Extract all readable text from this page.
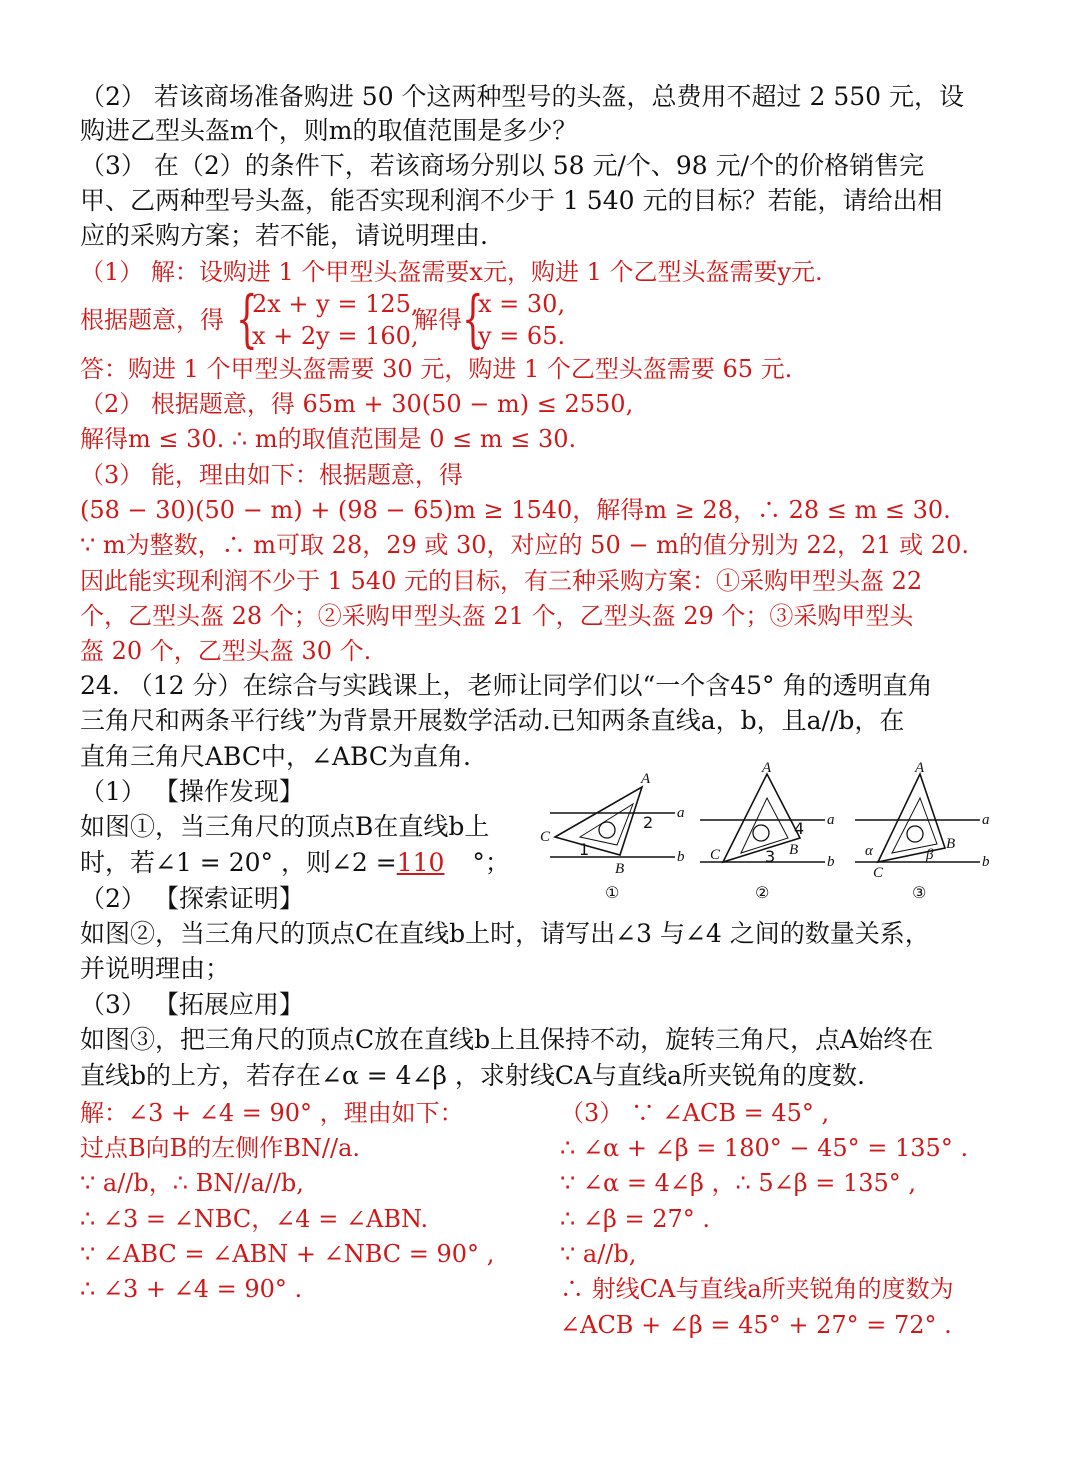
（2） 若该商场准备购进 50 个这两种型号的头盔，总费用不超过 2 550 元，设
购进乙型头盔m个，则m的取值范围是多少？
（3） 在（2）的条件下，若该商场分别以 58 元/个、98 元/个的价格销售完
甲、乙两种型号头盔，能否实现利润不少于 1 540 元的目标？若能，请给出相
应的采购方案；若不能，请说明理由.
（1） 解：设购进 1 个甲型头盔需要x元，购进 1 个乙型头盔需要y元.
根据题意，得 {
2x + y = 125,
x + 2y = 160,
解得 {
x = 30,
y = 65.
答：购进 1 个甲型头盔需要 30 元，购进 1 个乙型头盔需要 65 元.
（2） 根据题意，得 65m + 30(50 − m) ≤ 2550,
解得m ≤ 30. ∴ m的取值范围是 0 ≤ m ≤ 30.
（3） 能，理由如下：根据题意，得
(58 − 30)(50 − m) + (98 − 65)m ≥ 1540，解得m ≥ 28，∴ 28 ≤ m ≤ 30.
∵ m为整数，∴ m可取 28，29 或 30，对应的 50 − m的值分别为 22，21 或 20.
因此能实现利润不少于 1 540 元的目标，有三种采购方案：①采购甲型头盔 22
个，乙型头盔 28 个；②采购甲型头盔 21 个，乙型头盔 29 个；③采购甲型头
盔 20 个，乙型头盔 30 个.
24. （12 分）在综合与实践课上，老师让同学们以“一个含45° 角的透明直角
三角尺和两条平行线”为背景开展数学活动.已知两条直线a，b，且a//b，在
直角三角尺ABC中，∠ABC为直角.
（1） 【操作发现】
如图①，当三角尺的顶点B在直线b上
时，若∠1 = 20° ，则∠2 =110 °；
（2） 【探索证明】
如图②，当三角尺的顶点C在直线b上时，请写出∠3 与∠4 之间的数量关系，
并说明理由；
（3） 【拓展应用】
如图③，把三角尺的顶点C放在直线b上且保持不动，旋转三角尺，点A始终在
直线b的上方，若存在∠α = 4∠β ，求射线CA与直线a所夹锐角的度数.
解：∠3 + ∠4 = 90° ，理由如下：
过点B向B的左侧作BN//a.
∵ a//b，∴ BN//a//b,
∴ ∠3 = ∠NBC，∠4 = ∠ABN.
∵ ∠ABC = ∠ABN + ∠NBC = 90° ,
∴ ∠3 + ∠4 = 90° .
（3） ∵ ∠ACB = 45° ,
∴ ∠α + ∠β = 180° − 45° = 135° .
∵ ∠α = 4∠β ，∴ 5∠β = 135° ,
∴ ∠β = 27° .
∵ a//b,
∴ 射线CA与直线a所夹锐角的度数为
∠ACB + ∠β = 45° + 27° = 72° .
C
A
B
a
b
1
2
①
A
C	B
a
b
4
3
②
A
C
B
a
b
α	β
③
